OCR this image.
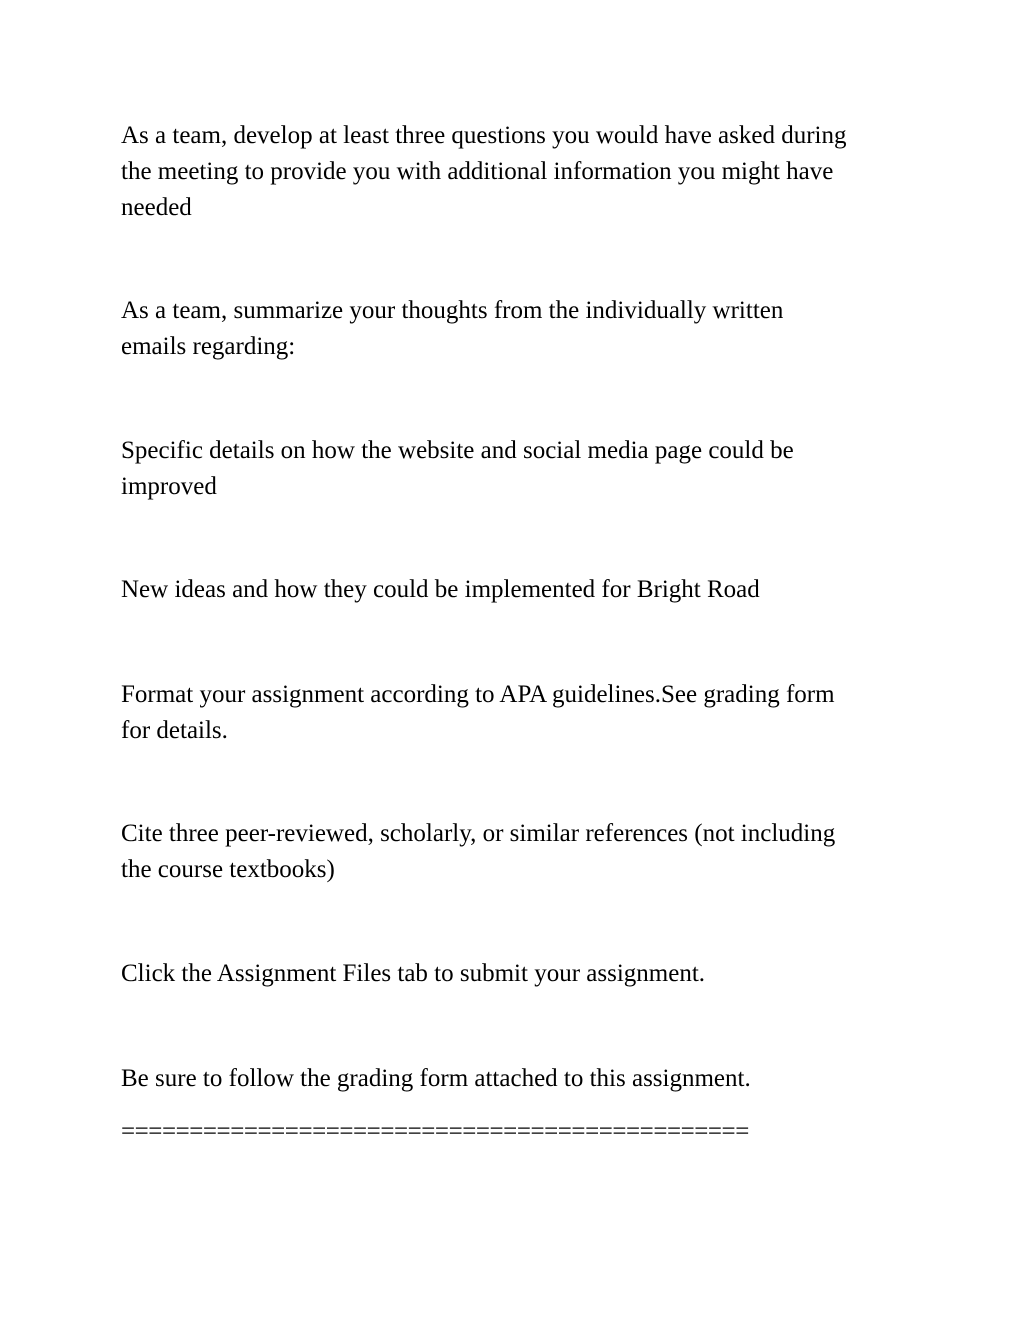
As a team, develop at least three questions you would have asked during
the meeting to provide you with additional information you might have
needed

As a team, summarize your thoughts from the individually written
emails regarding:

Specific details on how the website and social media page could be
improved

New ideas and how they could be implemented for Bright Road

Format your assignment according to APA guidelines.See grading form
for details.

Cite three peer-reviewed, scholarly, or similar references (not including
the course textbooks)

Click the Assignment Files tab to submit your assignment.

Be sure to follow the grading form attached to this assignment.

==============================================
